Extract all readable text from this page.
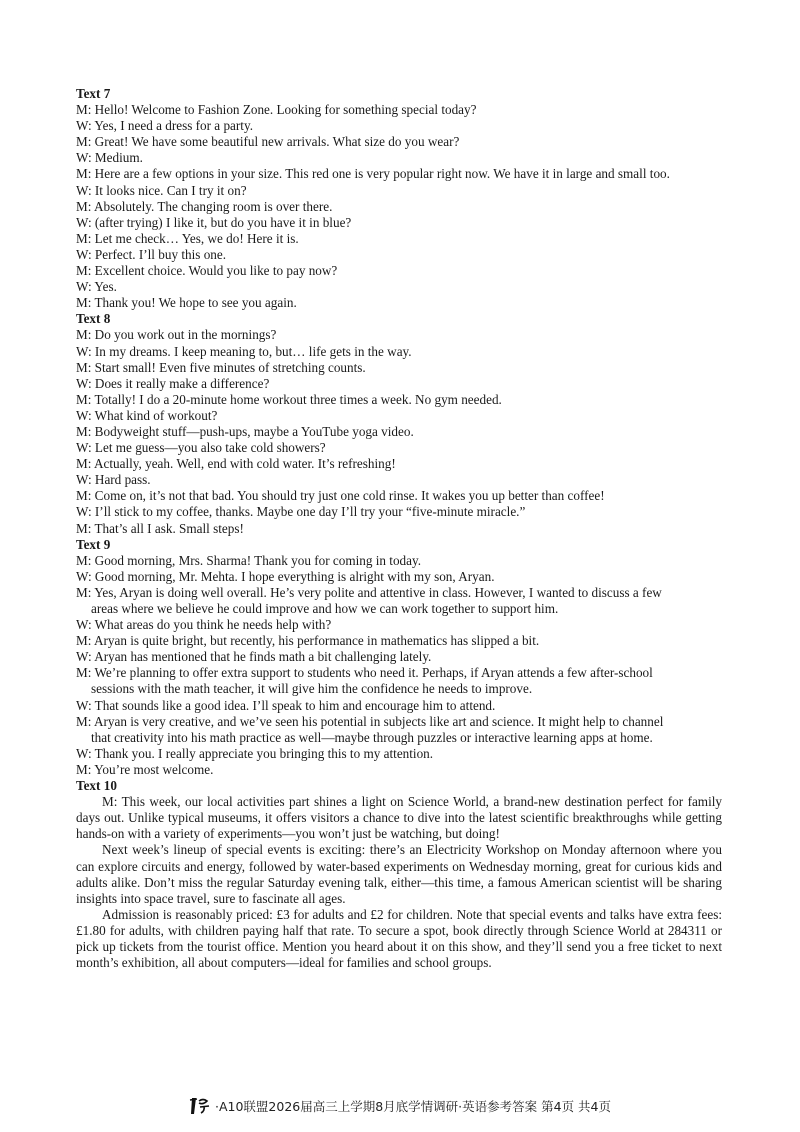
Text 7

M: Hello! Welcome to Fashion Zone. Looking for something special today?

W: Yes, I need a dress for a party.

M: Great! We have some beautiful new arrivals. What size do you wear?

W: Medium.

M: Here are a few options in your size. This red one is very popular right now. We have it in large and small too.

W: It looks nice. Can I try it on?

M: Absolutely. The changing room is over there.

W: (after trying) I like it, but do you have it in blue?

M: Let me check… Yes, we do! Here it is.

W: Perfect. I’ll buy this one.

M: Excellent choice. Would you like to pay now?

W: Yes.

M: Thank you! We hope to see you again.

Text 8

M: Do you work out in the mornings?

W: In my dreams. I keep meaning to, but… life gets in the way.

M: Start small! Even five minutes of stretching counts.

W: Does it really make a difference?

M: Totally! I do a 20-minute home workout three times a week. No gym needed.

W: What kind of workout?

M: Bodyweight stuff—push-ups, maybe a YouTube yoga video.

W: Let me guess—you also take cold showers?

M: Actually, yeah. Well, end with cold water. It’s refreshing!

W: Hard pass.

M: Come on, it’s not that bad. You should try just one cold rinse. It wakes you up better than coffee!

W: I’ll stick to my coffee, thanks. Maybe one day I’ll try your “five-minute miracle.”

M: That’s all I ask. Small steps!

Text 9

M: Good morning, Mrs. Sharma! Thank you for coming in today.

W: Good morning, Mr. Mehta. I hope everything is alright with my son, Aryan.

M: Yes, Aryan is doing well overall. He’s very polite and attentive in class. However, I wanted to discuss a few
areas where we believe he could improve and how we can work together to support him.

W: What areas do you think he needs help with?

M: Aryan is quite bright, but recently, his performance in mathematics has slipped a bit.

W: Aryan has mentioned that he finds math a bit challenging lately.

M: We’re planning to offer extra support to students who need it. Perhaps, if Aryan attends a few after-school
sessions with the math teacher, it will give him the confidence he needs to improve.

W: That sounds like a good idea. I’ll speak to him and encourage him to attend.

M: Aryan is very creative, and we’ve seen his potential in subjects like art and science. It might help to channel
that creativity into his math practice as well—maybe through puzzles or interactive learning apps at home.

W: Thank you. I really appreciate you bringing this to my attention.

M: You’re most welcome.

Text 10

M: This week, our local activities part shines a light on Science World, a brand-new destination perfect for family days out. Unlike typical museums, it offers visitors a chance to dive into the latest scientific breakthroughs while getting hands-on with a variety of experiments—you won’t just be watching, but doing!

Next week’s lineup of special events is exciting: there’s an Electricity Workshop on Monday afternoon where you can explore circuits and energy, followed by water-based experiments on Wednesday morning, great for curious kids and adults alike. Don’t miss the regular Saturday evening talk, either—this time, a famous American scientist will be sharing insights into space travel, sure to fascinate all ages.

Admission is reasonably priced: £3 for adults and £2 for children. Note that special events and talks have extra fees: £1.80 for adults, with children paying half that rate. To secure a spot, book directly through Science World at 284311 or pick up tickets from the tourist office. Mention you heard about it on this show, and they’ll send you a free ticket to next month’s exhibition, all about computers—ideal for families and school groups.

·A10联盟2026届高三上学期8月底学情调研·英语参考答案 第4页 共4页
